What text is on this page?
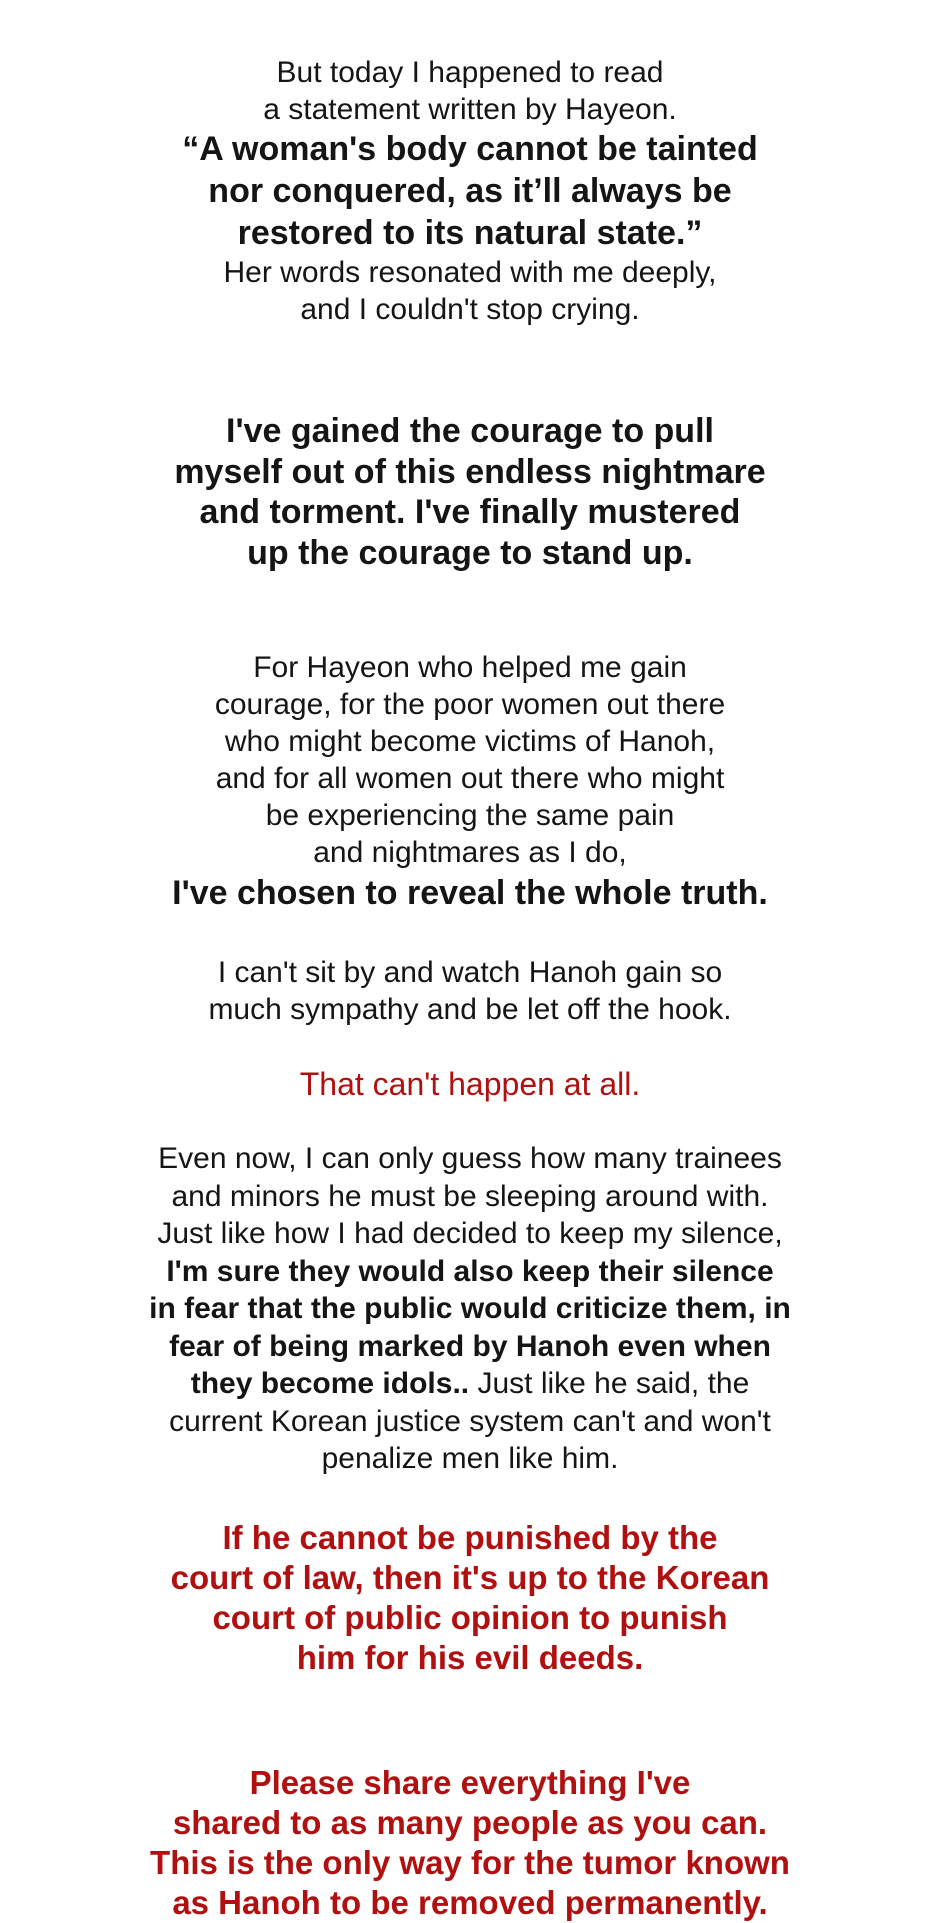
But today I happened to read
a statement written by Hayeon.
“A woman's body cannot be tainted
nor conquered, as it’ll always be
restored to its natural state.”
Her words resonated with me deeply,
and I couldn't stop crying.
I've gained the courage to pull
myself out of this endless nightmare
and torment. I've finally mustered
up the courage to stand up.
For Hayeon who helped me gain
courage, for the poor women out there
who might become victims of Hanoh,
and for all women out there who might
be experiencing the same pain
and nightmares as I do,
I've chosen to reveal the whole truth.
I can't sit by and watch Hanoh gain so
much sympathy and be let off the hook.
That can't happen at all.
Even now, I can only guess how many trainees
and minors he must be sleeping around with.
Just like how I had decided to keep my silence,
I'm sure they would also keep their silence
in fear that the public would criticize them, in
fear of being marked by Hanoh even when
they become idols.. Just like he said, the
current Korean justice system can't and won't
penalize men like him.
If he cannot be punished by the
court of law, then it's up to the Korean
court of public opinion to punish
him for his evil deeds.
Please share everything I've
shared to as many people as you can.
This is the only way for the tumor known
as Hanoh to be removed permanently.
